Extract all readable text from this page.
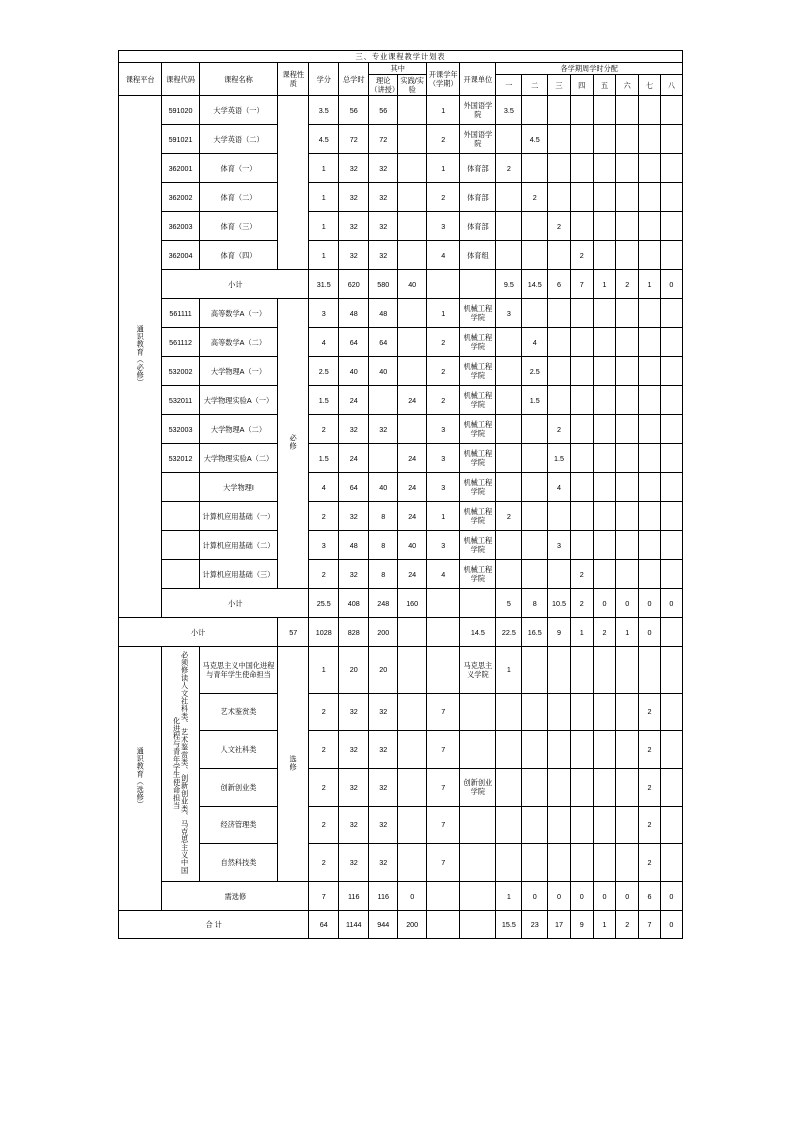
三、专业课程教学计划表																	
课程平台	课程代码	课程名称	课程性质	学分	总学时	其中		开课学年（学期）	开课单位	各学期周学时分配							
						理论（讲授）	实践/实验			一	二	三	四	五	六	七	八

通识教育（必修）	591020	大学英语（一）		3.5	56	56		1	外国语学院	3.5							
	591021	大学英语（二）		4.5	72	72		2	外国语学院		4.5						
	362001	体育（一）		1	32	32		1	体育部	2							
	362002	体育（二）		1	32	32		2	体育部		2						
	362003	体育（三）		1	32	32		3	体育部			2					
	362004	体育（四）		1	32	32		4	体育组				2				
	小计			31.5	620	580	40			9.5	14.5	6	7	1	2	1	0
	561111	高等数学A（一）	必修	3	48	48		1	机械工程学院	3							
	561112	高等数学A（二）		4	64	64		2	机械工程学院		4						
	532002	大学物理A（一）		2.5	40	40		2	机械工程学院		2.5						
	532011	大学物理实验A（一）		1.5	24		24	2	机械工程学院		1.5						
	532003	大学物理A（二）		2	32	32		3	机械工程学院			2					
	532012	大学物理实验A（二）		1.5	24		24	3	机械工程学院			1.5					
		大学物理I		4	64	40	24	3	机械工程学院			4					
		计算机应用基础（一）		2	32	8	24	1	机械工程学院	2							
		计算机应用基础（二）		3	48	8	40	3	机械工程学院			3					
		计算机应用基础（三）		2	32	8	24	4	机械工程学院				2				
	小计			25.5	408	248	160			5	8	10.5	2	0	0	0	0
小计			57	1028	828	200			14.5	22.5	16.5	9	1	2	1	0	
通识教育（选修）	必须修读人文社科类、艺术鉴赏类、创新创业类、马克思主义中国化进程与青年学生使命担当	马克思主义中国化进程与青年学生使命担当	选修	1	20	20			马克思主义学院	1							
		艺术鉴赏类		2	32	32		7								2	
		人文社科类		2	32	32		7								2	
		创新创业类		2	32	32		7	创新创业学院							2	
		经济管理类		2	32	32		7								2	
		自然科技类		2	32	32		7								2	
	需选修			7	116	116	0			1	0	0	0	0	0	6	0
合 计				64	1144	944	200			15.5	23	17	9	1	2	7	0
